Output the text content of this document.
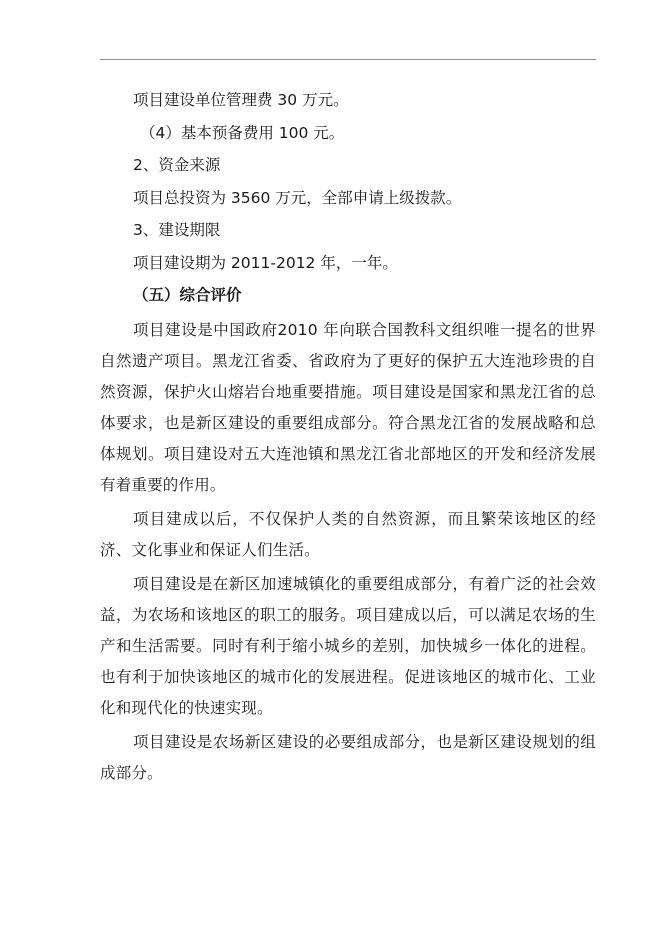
项目建设单位管理费 30 万元。

（4）基本预备费用 100 元。

2、资金来源

项目总投资为 3560 万元，全部申请上级拨款。

3、建设期限

项目建设期为 2011-2012 年，一年。

（五）综合评价

项目建设是中国政府2010 年向联合国教科文组织唯一提名的世界自然遗产项目。黑龙江省委、省政府为了更好的保护五大连池珍贵的自然资源，保护火山熔岩台地重要措施。项目建设是国家和黑龙江省的总体要求，也是新区建设的重要组成部分。符合黑龙江省的发展战略和总体规划。项目建设对五大连池镇和黑龙江省北部地区的开发和经济发展有着重要的作用。

项目建成以后，不仅保护人类的自然资源，而且繁荣该地区的经济、文化事业和保证人们生活。

项目建设是在新区加速城镇化的重要组成部分，有着广泛的社会效益，为农场和该地区的职工的服务。项目建成以后，可以满足农场的生产和生活需要。同时有利于缩小城乡的差别，加快城乡一体化的进程。也有利于加快该地区的城市化的发展进程。促进该地区的城市化、工业化和现代化的快速实现。

项目建设是农场新区建设的必要组成部分，也是新区建设规划的组成部分。
